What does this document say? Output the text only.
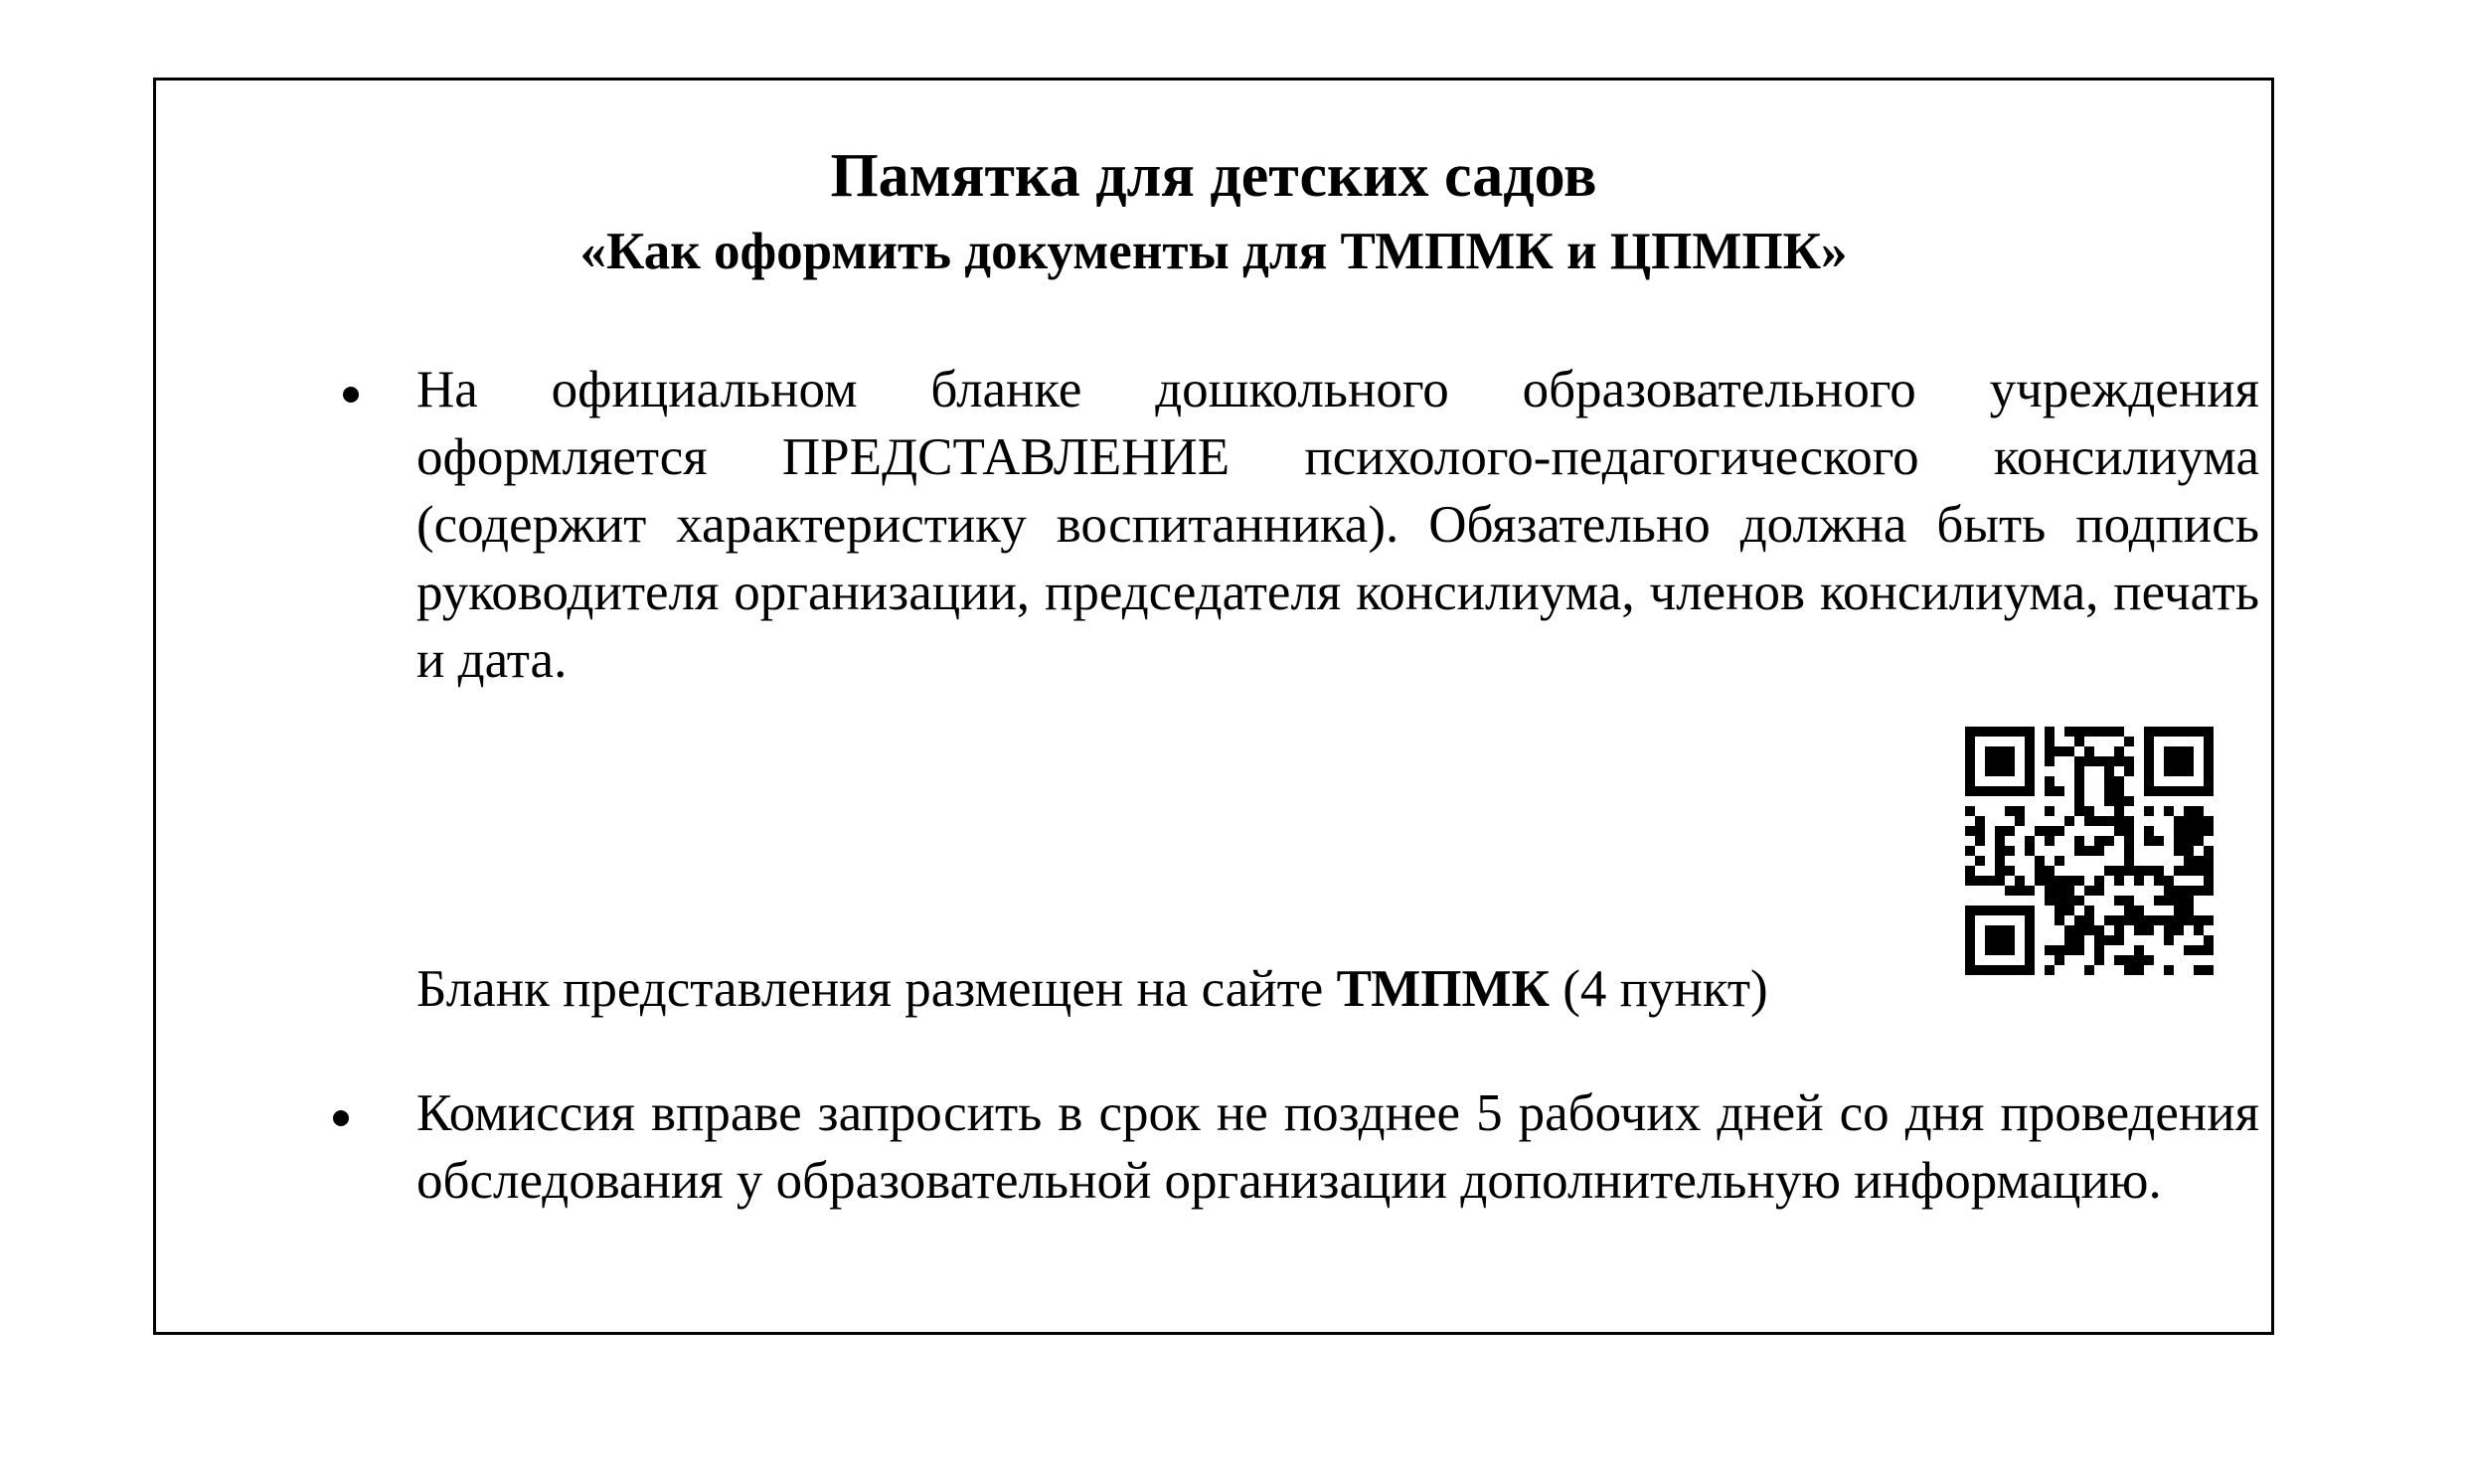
Памятка для детских садов

«Как оформить документы для ТМПМК и ЦПМПК»

На официальном бланке дошкольного образовательного учреждения оформляется ПРЕДСТАВЛЕНИЕ психолого-педагогического консилиума (содержит характеристику воспитанника). Обязательно должна быть подпись руководителя организации, председателя консилиума, членов консилиума, печать и дата.

Бланк представления размещен на сайте ТМПМК (4 пункт)

Комиссия вправе запросить в срок не позднее 5 рабочих дней со дня проведения обследования у образовательной организации дополнительную информацию.
